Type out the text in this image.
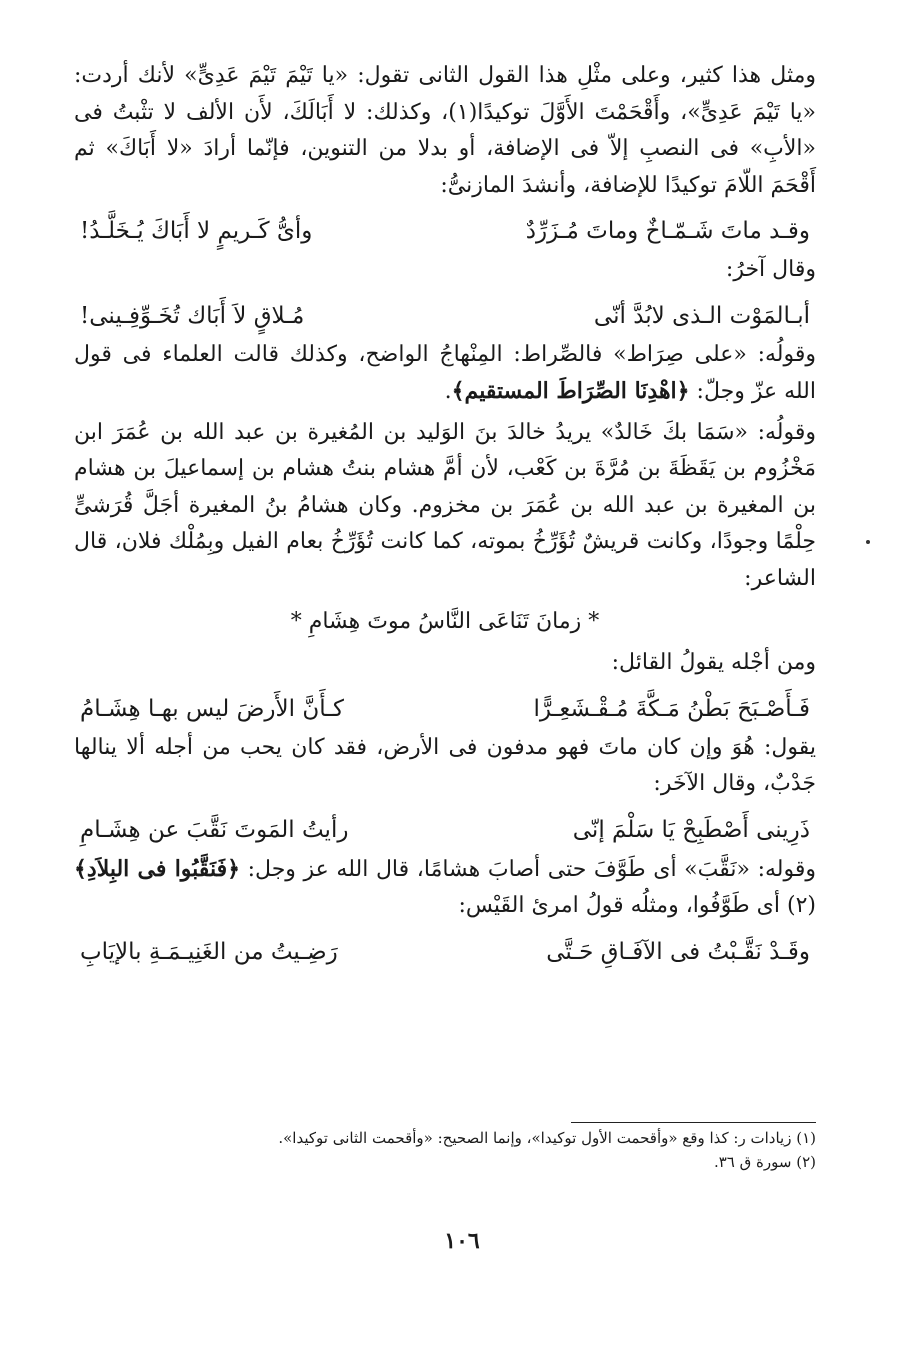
ومثل هذا كثير، وعلى مثْلِ هذا القول الثانى تقول: «يا تَيْمَ تَيْمَ عَدِىٍّ» لأنك أردت: «يا تَيْمَ عَدِىٍّ»، وأَقْحَمْتَ الأَوَّلَ توكيدًا(١)، وكذلك: لا أَبَالَكَ، لأَن الألف لا تثْبتُ فى «الأبِ» فى النصبِ إلاّ فى الإضافة، أو بدلا من التنوين، فإنّما أرادَ «لا أَبَاكَ» ثم أَقْحَمَ اللّامَ توكيدًا للإضافة، وأنشدَ المازنىُّ:

وقـد ماتَ شَـمّـاخٌ وماتَ مُـزَرِّدٌ
وأىُّ كَـريمٍ لا أَبَاكَ يُـخَلَّـدُ!

وقال آخرُ:

أبـالمَوْت الـذى لابُدَّ أنّى
مُـلاقٍ لاَ أَبَاك تُخَـوِّفِـينى!

وقولُه: «على صِرَاط» فالصِّراط: المِنْهاجُ الواضح، وكذلك قالت العلماء فى قول الله عزّ وجلّ: ﴿اهْدِنَا الصِّرَاطَ المستقيم﴾.

وقولُه: «سَمَا بكَ خَالدٌ» يريدُ خالدَ بنَ الوَليد بن المُغيرة بن عبد الله بن عُمَرَ ابن مَخْزُوم بن يَقَظَةَ بن مُرَّةَ بن كَعْب، لأن أمَّ هشام بنتُ هشام بن إسماعيلَ بن هشام بن المغيرة بن عبد الله بن عُمَرَ بن مخزوم. وكان هشامُ بنُ المغيرة أجَلَّ قُرَشىٍّ حِلْمًا وجودًا، وكانت قريشٌ تُؤَرِّخُ بموته، كما كانت تُؤَرِّخُ بعام الفيل وبِمُلْك فلان، قال الشاعر:

* زمانَ تَنَاعَى النَّاسُ موتَ هِشَامِ *

ومن أجْله يقولُ القائل:

فَـأَصْـبَحَ بَطْنُ مَـكَّةَ مُـقْـشَعِـرًّا
كـأَنَّ الأَرضَ ليس بهـا هِشَـامُ

يقول: هُوَ وإن كان ماتَ فهو مدفون فى الأرض، فقد كان يحب من أجله ألا ينالها جَدْبٌ، وقال الآخَر:

ذَرِينى أَصْطَبِحْ يَا سَلْمَ إنّى
رأيتُ المَوتَ نَقَّبَ عن هِشَـامِ

وقوله: «نَقَّبَ» أى طَوَّفَ حتى أصابَ هشامًا، قال الله عز وجل: ﴿فَنَقَّبُوا فى البِلاَدِ﴾(٢) أى طَوَّفُوا، ومثلُه قولُ امرئ القَيْس:

وقَـدْ نَقَّـبْتُ فى الآفَـاقِ حَـتَّى
رَضِـيتُ من الغَنِيـمَـةِ بالإيَابِ
(١) زيادات ر: كذا وقع «وأقحمت الأول توكيدا»، وإنما الصحيح: «وأقحمت الثانى توكيدا».
(٢) سورة ق ٣٦.
١٠٦
